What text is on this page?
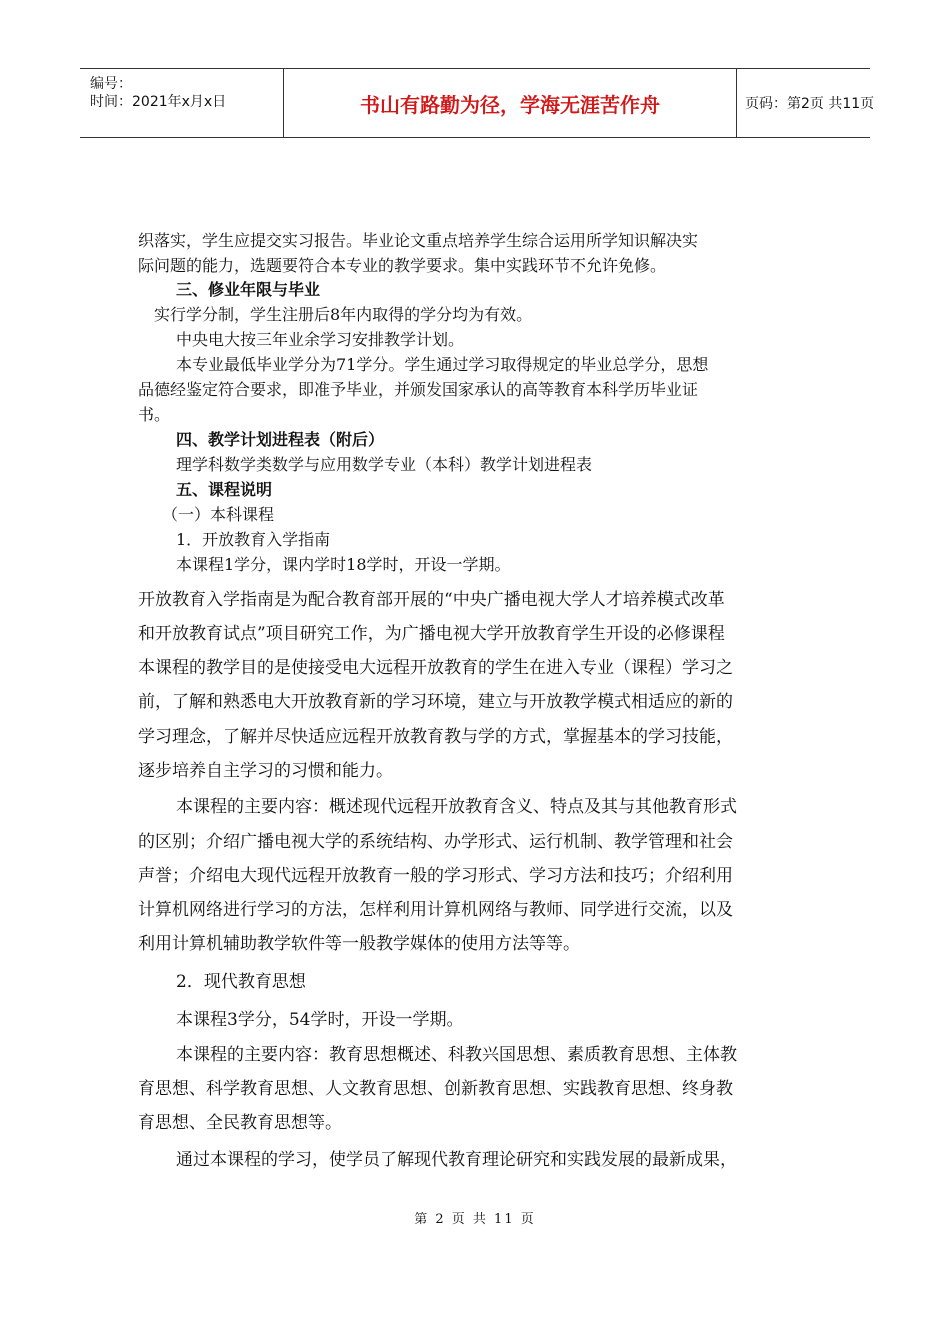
编号：
时间：2021年x月x日	书山有路勤为径，学海无涯苦作舟	页码：第2页 共11页
织落实，学生应提交实习报告。毕业论文重点培养学生综合运用所学知识解决实
际问题的能力，选题要符合本专业的教学要求。集中实践环节不允许免修。
三、修业年限与毕业
实行学分制，学生注册后8年内取得的学分均为有效。
中央电大按三年业余学习安排教学计划。
本专业最低毕业学分为71学分。学生通过学习取得规定的毕业总学分，思想
品德经鉴定符合要求，即准予毕业，并颁发国家承认的高等教育本科学历毕业证
书。
四、教学计划进程表（附后）
理学科数学类数学与应用数学专业（本科）教学计划进程表
五、课程说明
（一）本科课程
1．开放教育入学指南
本课程1学分，课内学时18学时，开设一学期。
开放教育入学指南是为配合教育部开展的“中央广播电视大学人才培养模式改革
和开放教育试点”项目研究工作，为广播电视大学开放教育学生开设的必修课程
本课程的教学目的是使接受电大远程开放教育的学生在进入专业（课程）学习之
前，了解和熟悉电大开放教育新的学习环境，建立与开放教学模式相适应的新的
学习理念，了解并尽快适应远程开放教育教与学的方式，掌握基本的学习技能，
逐步培养自主学习的习惯和能力。
本课程的主要内容：概述现代远程开放教育含义、特点及其与其他教育形式
的区别；介绍广播电视大学的系统结构、办学形式、运行机制、教学管理和社会
声誉；介绍电大现代远程开放教育一般的学习形式、学习方法和技巧；介绍利用
计算机网络进行学习的方法，怎样利用计算机网络与教师、同学进行交流，以及
利用计算机辅助教学软件等一般教学媒体的使用方法等等。
2．现代教育思想
本课程3学分，54学时，开设一学期。
本课程的主要内容：教育思想概述、科教兴国思想、素质教育思想、主体教
育思想、科学教育思想、人文教育思想、创新教育思想、实践教育思想、终身教
育思想、全民教育思想等。
通过本课程的学习，使学员了解现代教育理论研究和实践发展的最新成果，
第 2 页 共 11 页
